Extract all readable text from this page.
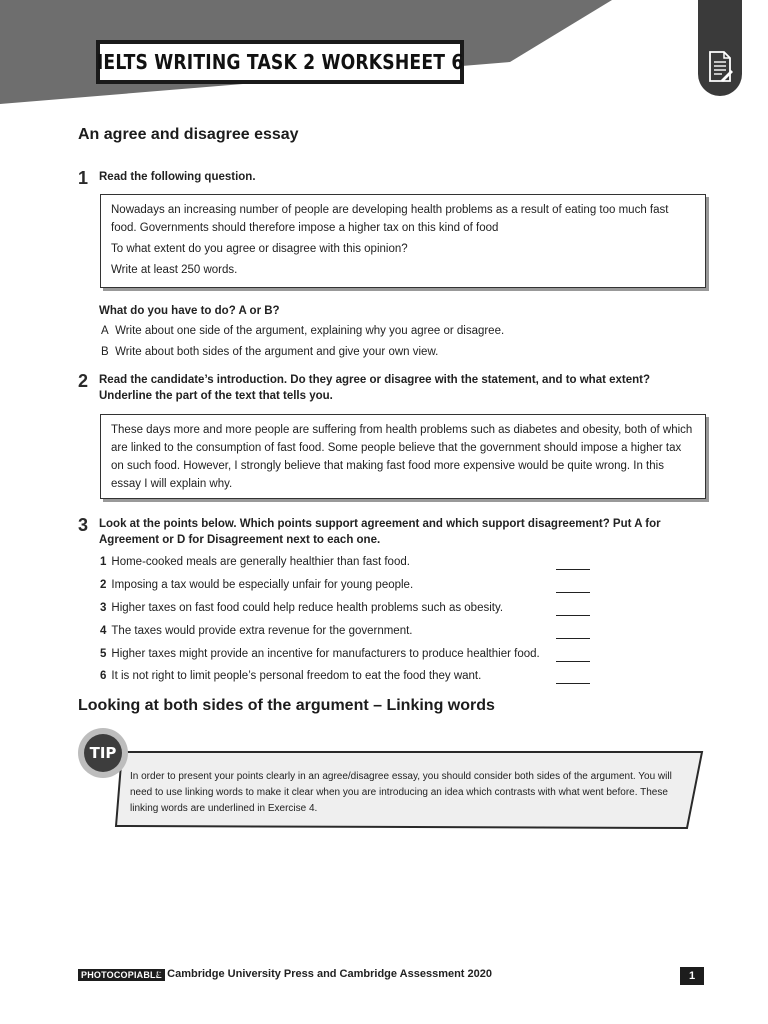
IELTS WRITING TASK 2 WORKSHEET 6
An agree and disagree essay
1 Read the following question.

Nowadays an increasing number of people are developing health problems as a result of eating too much fast food. Governments should therefore impose a higher tax on this kind of food

To what extent do you agree or disagree with this opinion?

Write at least 250 words.

What do you have to do? A or B?
A Write about one side of the argument, explaining why you agree or disagree.
B Write about both sides of the argument and give your own view.
2 Read the candidate’s introduction. Do they agree or disagree with the statement, and to what extent? Underline the part of the text that tells you.

These days more and more people are suffering from health problems such as diabetes and obesity, both of which are linked to the consumption of fast food. Some people believe that the government should impose a higher tax on such food. However, I strongly believe that making fast food more expensive would be quite wrong. In this essay I will explain why.

3 Look at the points below. Which points support agreement and which support disagreement? Put A for Agreement or D for Disagreement next to each one.
1 Home-cooked meals are generally healthier than fast food.
2 Imposing a tax would be especially unfair for young people.
3 Higher taxes on fast food could help reduce health problems such as obesity.
4 The taxes would provide extra revenue for the government.
5 Higher taxes might provide an incentive for manufacturers to produce healthier food.
6 It is not right to limit people’s personal freedom to eat the food they want.
Looking at both sides of the argument – Linking words
TIP
In order to present your points clearly in an agree/disagree essay, you should consider both sides of the argument. You will need to use linking words to make it clear when you are introducing an idea which contrasts with what went before. These linking words are underlined in Exercise 4.
PHOTOCOPIABLE
© Cambridge University Press and Cambridge Assessment 2020	1
